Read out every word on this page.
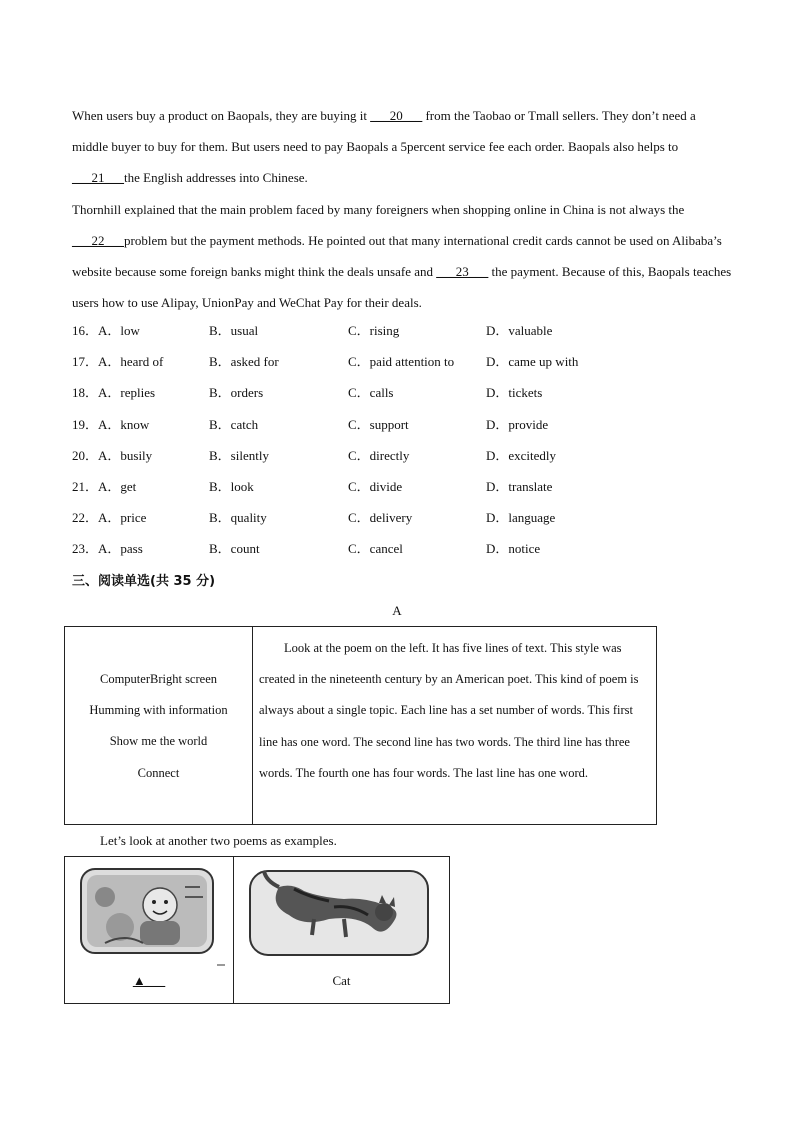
When users buy a product on Baopals, they are buying it ___20___ from the Taobao or Tmall sellers. They don’t need a middle buyer to buy for them. But users need to pay Baopals a 5percent service fee each order. Baopals also helps to ___21___the English addresses into Chinese.

Thornhill explained that the main problem faced by many foreigners when shopping online in China is not always the ___22___problem but the payment methods. He pointed out that many international credit cards cannot be used on Alibaba’s website because some foreign banks might think the deals unsafe and ___23___ the payment. Because of this, Baopals teaches users how to use Alipay, UnionPay and WeChat Pay for their deals.

16．A．low	B．usual	C．rising	D．valuable
17．A．heard of	B．asked for	C．paid attention to D．came up with
18．A．replies	B．orders	C．calls	D．tickets
19．A．know	B．catch	C．support	D．provide
20．A．busily	B．silently	C．directly	D．excitedly
21．A．get	B．look	C．divide	D．translate
22．A．price	B．quality	C．delivery	D．language
23．A．pass	B．count	C．cancel	D．notice
三、阅读单选(共 35 分)
A
ComputerBright screen
Humming with information
Show me the world
Connect

Look at the poem on the left. It has five lines of text. This style was created in the nineteenth century by an American poet. This kind of poem is always about a single topic. Each line has a set number of words. This first line has one word. The second line has two words. The third line has three words. The fourth one has four words. The last line has one word.

Let’s look at another two poems as examples.
▲___	Cat
